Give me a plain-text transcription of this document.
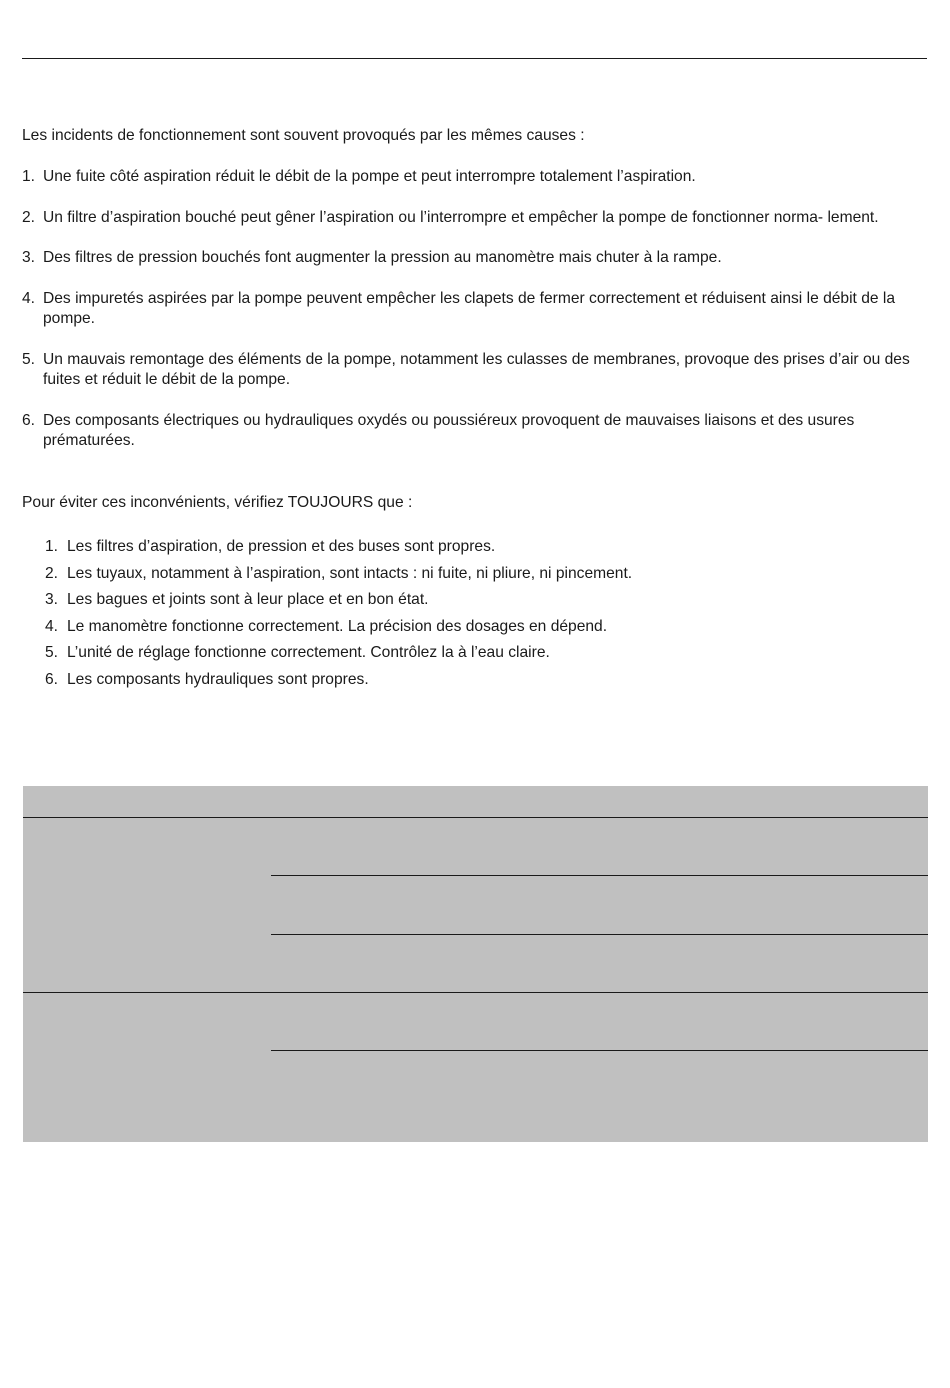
Les incidents de fonctionnement sont souvent provoqués par les mêmes causes :
1. Une fuite côté aspiration réduit le débit de la pompe et peut interrompre totalement l’aspiration.
2. Un filtre d’aspiration bouché peut gêner l’aspiration ou l’interrompre et empêcher la pompe de fonctionner norma- lement.
3. Des filtres de pression bouchés font augmenter la pression au manomètre mais chuter à la rampe.
4. Des impuretés aspirées par la pompe peuvent empêcher les clapets de fermer correctement et réduisent ainsi le débit de la pompe.
5. Un mauvais remontage des éléments de la pompe, notamment les culasses de membranes, provoque des prises d’air ou des fuites et réduit le débit de la pompe.
6. Des composants électriques ou hydrauliques oxydés ou poussiéreux provoquent de mauvaises liaisons et des usures prématurées.
Pour éviter ces inconvénients, vérifiez TOUJOURS que :
1. Les filtres d’aspiration, de pression et des buses sont propres.
2. Les tuyaux, notamment à l’aspiration, sont intacts : ni fuite, ni pliure, ni pincement.
3. Les bagues et joints sont à leur place et en bon état.
4. Le manomètre fonctionne correctement. La précision des dosages en dépend.
5. L’unité de réglage fonctionne correctement. Contrôlez la à l’eau claire.
6. Les composants hydrauliques sont propres.
